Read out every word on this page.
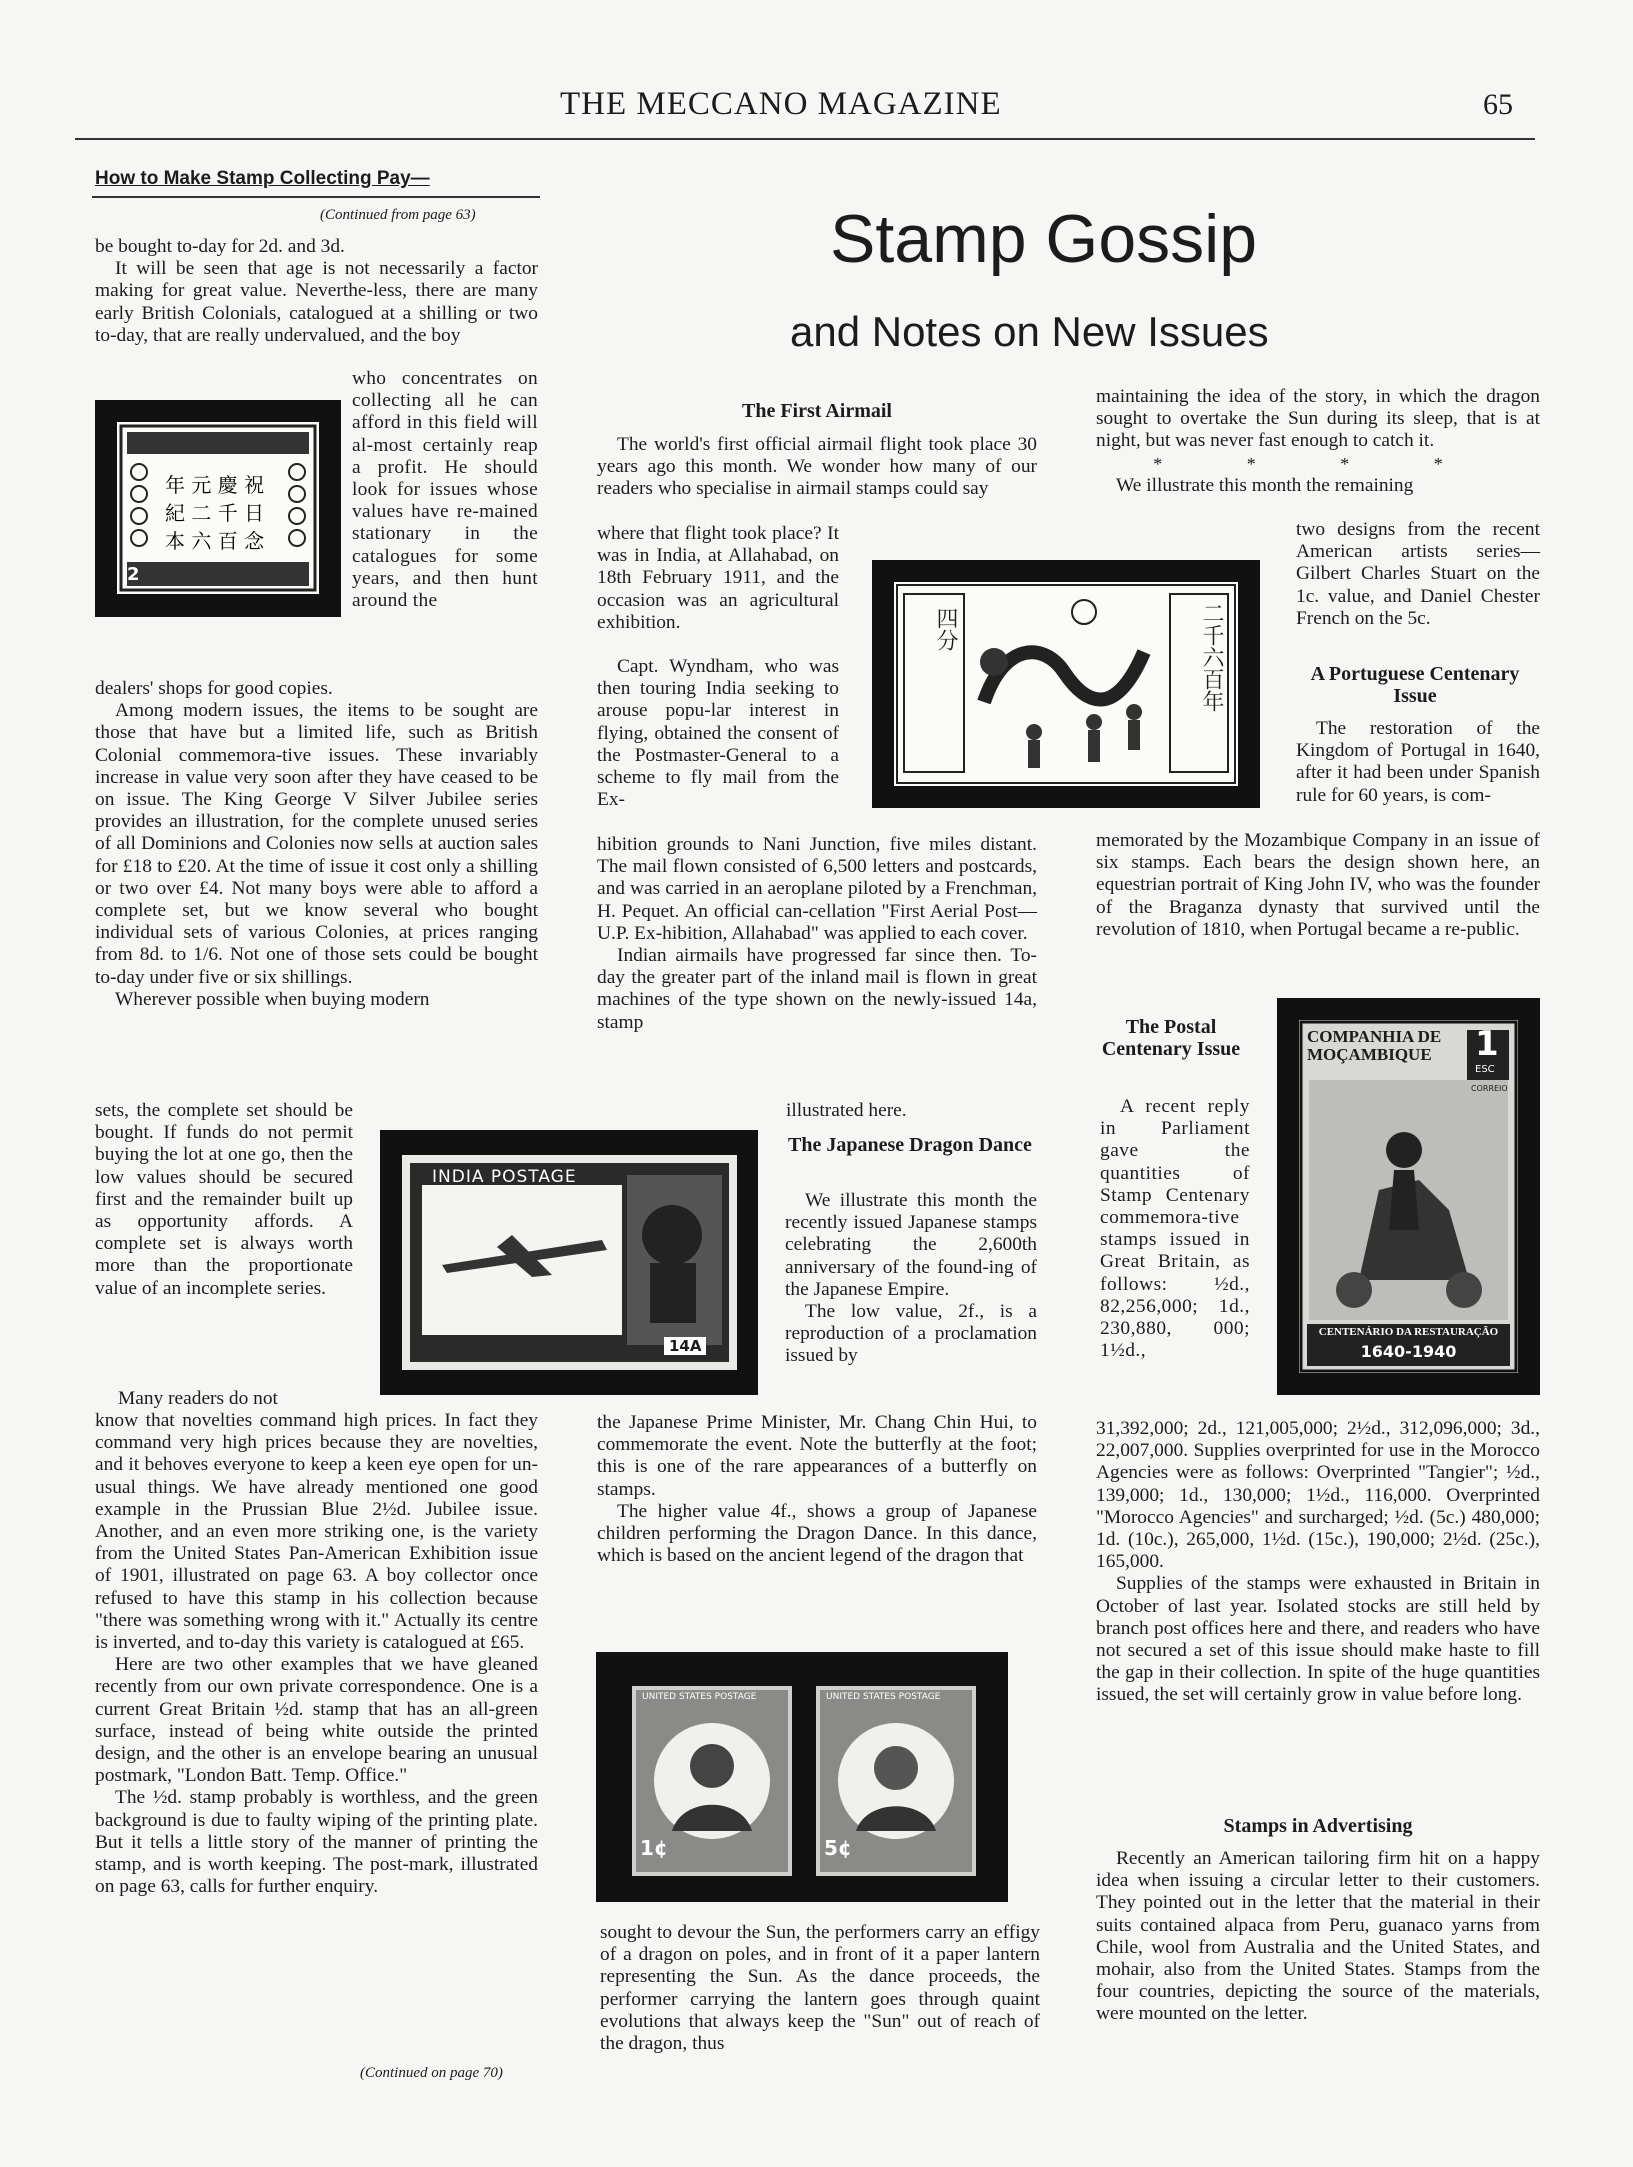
THE MECCANO MAGAZINE	65
How to Make Stamp Collecting Pay—
(Continued from page 63)

be bought to-day for 2d. and 3d.

It will be seen that age is not necessarily a factor making for great value. Neverthe-less, there are many early British Colonials, catalogued at a shilling or two to-day, that are really undervalued, and the boy

年 元 慶 祝
紀 二 千 日
本 六 百 念
2
who concentrates on collecting all he can afford in this field will al-most certainly reap a profit. He should look for issues whose values have re-mained stationary in the catalogues for some years, and then hunt around the

dealers' shops for good copies.

Among modern issues, the items to be sought are those that have but a limited life, such as British Colonial commemora-tive issues. These invariably increase in value very soon after they have ceased to be on issue. The King George V Silver Jubilee series provides an illustration, for the complete unused series of all Dominions and Colonies now sells at auction sales for £18 to £20. At the time of issue it cost only a shilling or two over £4. Not many boys were able to afford a complete set, but we know several who bought individual sets of various Colonies, at prices ranging from 8d. to 1/6. Not one of those sets could be bought to-day under five or six shillings.

Wherever possible when buying modern

sets, the complete set should be bought. If funds do not permit buying the lot at one go, then the low values should be secured first and the remainder built up as opportunity affords. A complete set is always worth more than the proportionate value of an incomplete series.
Many readers do not
INDIA POSTAGE
14A

know that novelties command high prices. In fact they command very high prices because they are novelties, and it behoves everyone to keep a keen eye open for un-usual things. We have already mentioned one good example in the Prussian Blue 2½d. Jubilee issue. Another, and an even more striking one, is the variety from the United States Pan-American Exhibition issue of 1901, illustrated on page 63. A boy collector once refused to have this stamp in his collection because "there was something wrong with it." Actually its centre is inverted, and to-day this variety is catalogued at £65.

Here are two other examples that we have gleaned recently from our own private correspondence. One is a current Great Britain ½d. stamp that has an all-green surface, instead of being white outside the printed design, and the other is an envelope bearing an unusual postmark, "London Batt. Temp. Office."

The ½d. stamp probably is worthless, and the green background is due to faulty wiping of the printing plate. But it tells a little story of the manner of printing the stamp, and is worth keeping. The post-mark, illustrated on page 63, calls for further enquiry.

(Continued on page 70)
Stamp Gossip
and Notes on New Issues
The First Airmail

The world's first official airmail flight took place 30 years ago this month. We wonder how many of our readers who specialise in airmail stamps could say

where that flight took place? It was in India, at Allahabad, on 18th February 1911, and the occasion was an agricultural exhibition.

Capt. Wyndham, who was then touring India seeking to arouse popu-lar interest in flying, obtained the consent of the Postmaster-General to a scheme to fly mail from the Ex-

四分	二千六百年

hibition grounds to Nani Junction, five miles distant. The mail flown consisted of 6,500 letters and postcards, and was carried in an aeroplane piloted by a Frenchman, H. Pequet. An official can-cellation "First Aerial Post—U.P. Ex-hibition, Allahabad" was applied to each cover.

Indian airmails have progressed far since then. To-day the greater part of the inland mail is flown in great machines of the type shown on the newly-issued 14a, stamp

illustrated here.
The Japanese Dragon Dance

We illustrate this month the recently issued Japanese stamps celebrating the 2,600th anniversary of the found-ing of the Japanese Empire.

The low value, 2f., is a reproduction of a proclamation issued by

the Japanese Prime Minister, Mr. Chang Chin Hui, to commemorate the event. Note the butterfly at the foot; this is one of the rare appearances of a butterfly on stamps.

The higher value 4f., shows a group of Japanese children performing the Dragon Dance. In this dance, which is based on the ancient legend of the dragon that

UNITED STATES POSTAGE
1¢
UNITED STATES POSTAGE
5¢

sought to devour the Sun, the performers carry an effigy of a dragon on poles, and in front of it a paper lantern representing the Sun. As the dance proceeds, the performer carrying the lantern goes through quaint evolutions that always keep the "Sun" out of reach of the dragon, thus

maintaining the idea of the story, in which the dragon sought to overtake the Sun during its sleep, that is at night, but was never fast enough to catch it.

* * * *

We illustrate this month the remaining

two designs from the recent American artists series—Gilbert Charles Stuart on the 1c. value, and Daniel Chester French on the 5c.
A Portuguese Centenary Issue

The restoration of the Kingdom of Portugal in 1640, after it had been under Spanish rule for 60 years, is com-

memorated by the Mozambique Company in an issue of six stamps. Each bears the design shown here, an equestrian portrait of King John IV, who was the founder of the Braganza dynasty that survived until the revolution of 1810, when Portugal became a re-public.
The Postal Centenary Issue

A recent reply in Parliament gave the quantities of Stamp Centenary commemora-tive stamps issued in Great Britain, as follows: ½d., 82,256,000; 1d., 230,880, 000; 1½d.,

COMPANHIA DE MOÇAMBIQUE	1
ESC
CORREIO
CENTENÁRIO DA RESTAURAÇÃO
1640-1940

31,392,000; 2d., 121,005,000; 2½d., 312,096,000; 3d., 22,007,000. Supplies overprinted for use in the Morocco Agencies were as follows: Overprinted "Tangier"; ½d., 139,000; 1d., 130,000; 1½d., 116,000. Overprinted "Morocco Agencies" and surcharged; ½d. (5c.) 480,000; 1d. (10c.), 265,000, 1½d. (15c.), 190,000; 2½d. (25c.), 165,000.

Supplies of the stamps were exhausted in Britain in October of last year. Isolated stocks are still held by branch post offices here and there, and readers who have not secured a set of this issue should make haste to fill the gap in their collection. In spite of the huge quantities issued, the set will certainly grow in value before long.

Stamps in Advertising

Recently an American tailoring firm hit on a happy idea when issuing a circular letter to their customers. They pointed out in the letter that the material in their suits contained alpaca from Peru, guanaco yarns from Chile, wool from Australia and the United States, and mohair, also from the United States. Stamps from the four countries, depicting the source of the materials, were mounted on the letter.
